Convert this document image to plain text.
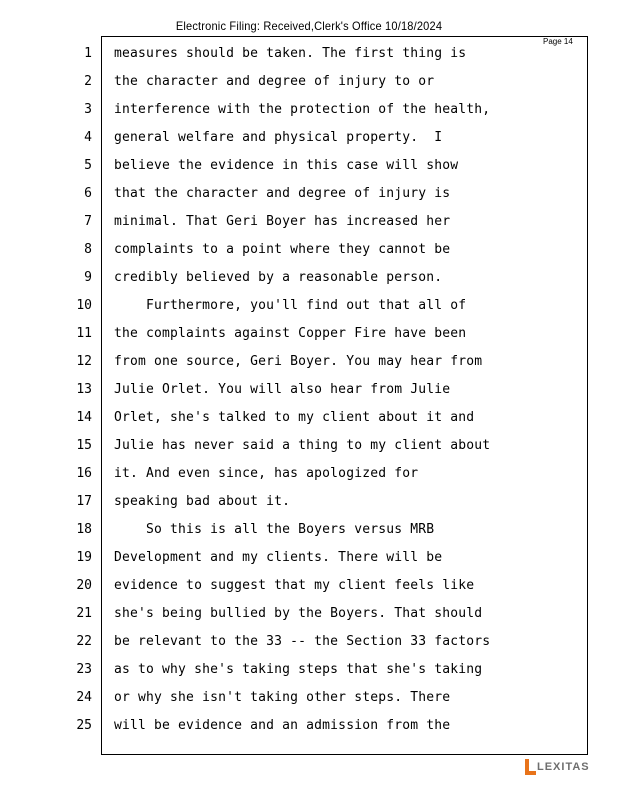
Electronic Filing: Received,Clerk's Office 10/18/2024
Page 14
1
2
3
4
5
6
7
8
9
10
11
12
13
14
15
16
17
18
19
20
21
22
23
24
25
measures should be taken. The first thing is
the character and degree of injury to or
interference with the protection of the health,
general welfare and physical property.  I
believe the evidence in this case will show
that the character and degree of injury is
minimal. That Geri Boyer has increased her
complaints to a point where they cannot be
credibly believed by a reasonable person.
Furthermore, you'll find out that all of
the complaints against Copper Fire have been
from one source, Geri Boyer. You may hear from
Julie Orlet. You will also hear from Julie
Orlet, she's talked to my client about it and
Julie has never said a thing to my client about
it. And even since, has apologized for
speaking bad about it.
So this is all the Boyers versus MRB
Development and my clients. There will be
evidence to suggest that my client feels like
she's being bullied by the Boyers. That should
be relevant to the 33 -- the Section 33 factors
as to why she's taking steps that she's taking
or why she isn't taking other steps. There
will be evidence and an admission from the
LEXITAS
